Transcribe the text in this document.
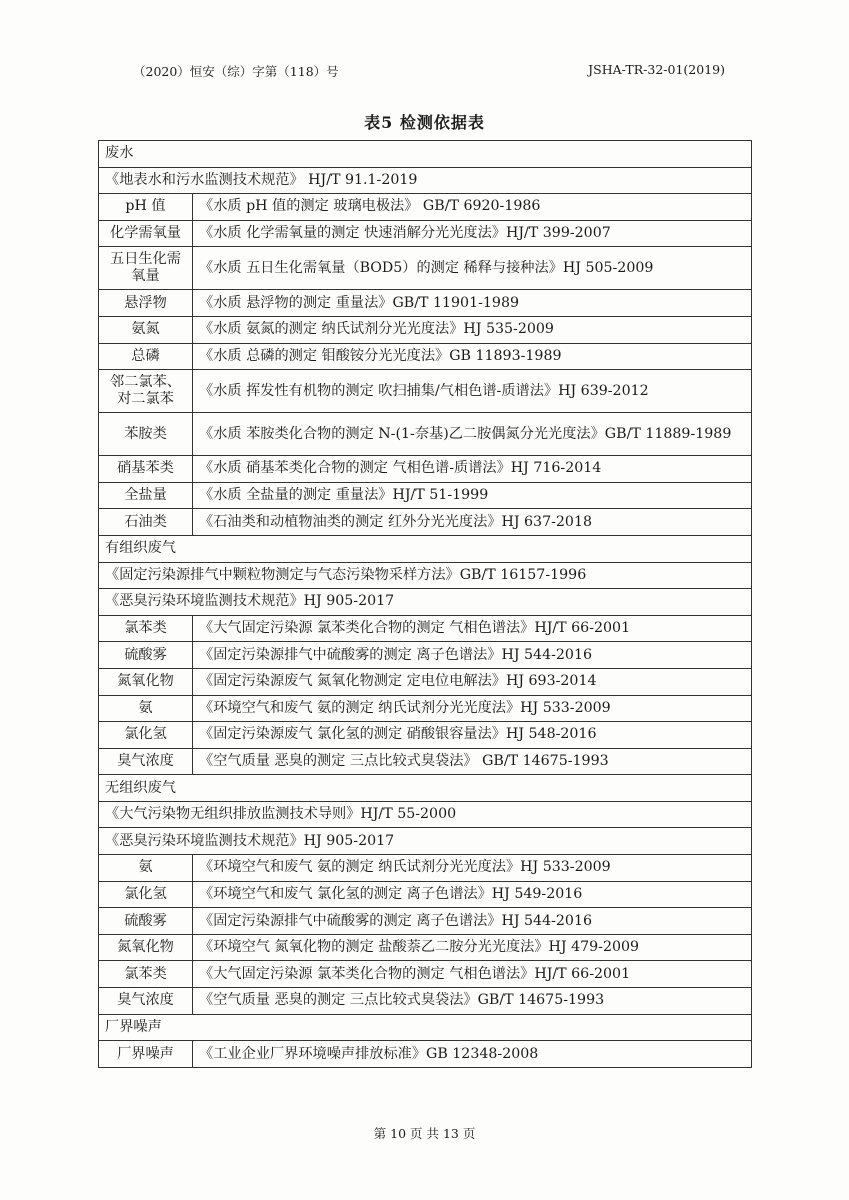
（2020）恒安（综）字第（118）号	JSHA-TR-32-01(2019)
表5 检测依据表
废水	
《地表水和污水监测技术规范》 HJ/T 91.1-2019	
pH 值	《水质 pH 值的测定 玻璃电极法》 GB/T 6920-1986
化学需氧量	《水质 化学需氧量的测定 快速消解分光光度法》HJ/T 399-2007
五日生化需氧量	《水质 五日生化需氧量（BOD5）的测定 稀释与接种法》HJ 505-2009
悬浮物	《水质 悬浮物的测定 重量法》GB/T 11901-1989
氨氮	《水质 氨氮的测定 纳氏试剂分光光度法》HJ 535-2009
总磷	《水质 总磷的测定 钼酸铵分光光度法》GB 11893-1989
邻二氯苯、对二氯苯	《水质 挥发性有机物的测定 吹扫捕集/气相色谱-质谱法》HJ 639-2012
苯胺类	《水质 苯胺类化合物的测定 N-(1-奈基)乙二胺偶氮分光光度法》GB/T 11889-1989
硝基苯类	《水质 硝基苯类化合物的测定 气相色谱-质谱法》HJ 716-2014
全盐量	《水质 全盐量的测定 重量法》HJ/T 51-1999
石油类	《石油类和动植物油类的测定 红外分光光度法》HJ 637-2018
有组织废气	
《固定污染源排气中颗粒物测定与气态污染物采样方法》GB/T 16157-1996	
《恶臭污染环境监测技术规范》HJ 905-2017	
氯苯类	《大气固定污染源 氯苯类化合物的测定 气相色谱法》HJ/T 66-2001
硫酸雾	《固定污染源排气中硫酸雾的测定 离子色谱法》HJ 544-2016
氮氧化物	《固定污染源废气 氮氧化物测定 定电位电解法》HJ 693-2014
氨	《环境空气和废气 氨的测定 纳氏试剂分光光度法》HJ 533-2009
氯化氢	《固定污染源废气 氯化氢的测定 硝酸银容量法》HJ 548-2016
臭气浓度	《空气质量 恶臭的测定 三点比较式臭袋法》 GB/T 14675-1993
无组织废气	
《大气污染物无组织排放监测技术导则》HJ/T 55-2000	
《恶臭污染环境监测技术规范》HJ 905-2017	
氨	《环境空气和废气 氨的测定 纳氏试剂分光光度法》HJ 533-2009
氯化氢	《环境空气和废气 氯化氢的测定 离子色谱法》HJ 549-2016
硫酸雾	《固定污染源排气中硫酸雾的测定 离子色谱法》HJ 544-2016
氮氧化物	《环境空气 氮氧化物的测定 盐酸萘乙二胺分光光度法》HJ 479-2009
氯苯类	《大气固定污染源 氯苯类化合物的测定 气相色谱法》HJ/T 66-2001
臭气浓度	《空气质量 恶臭的测定 三点比较式臭袋法》GB/T 14675-1993
厂界噪声	
厂界噪声	《工业企业厂界环境噪声排放标准》GB 12348-2008
第 10 页 共 13 页
